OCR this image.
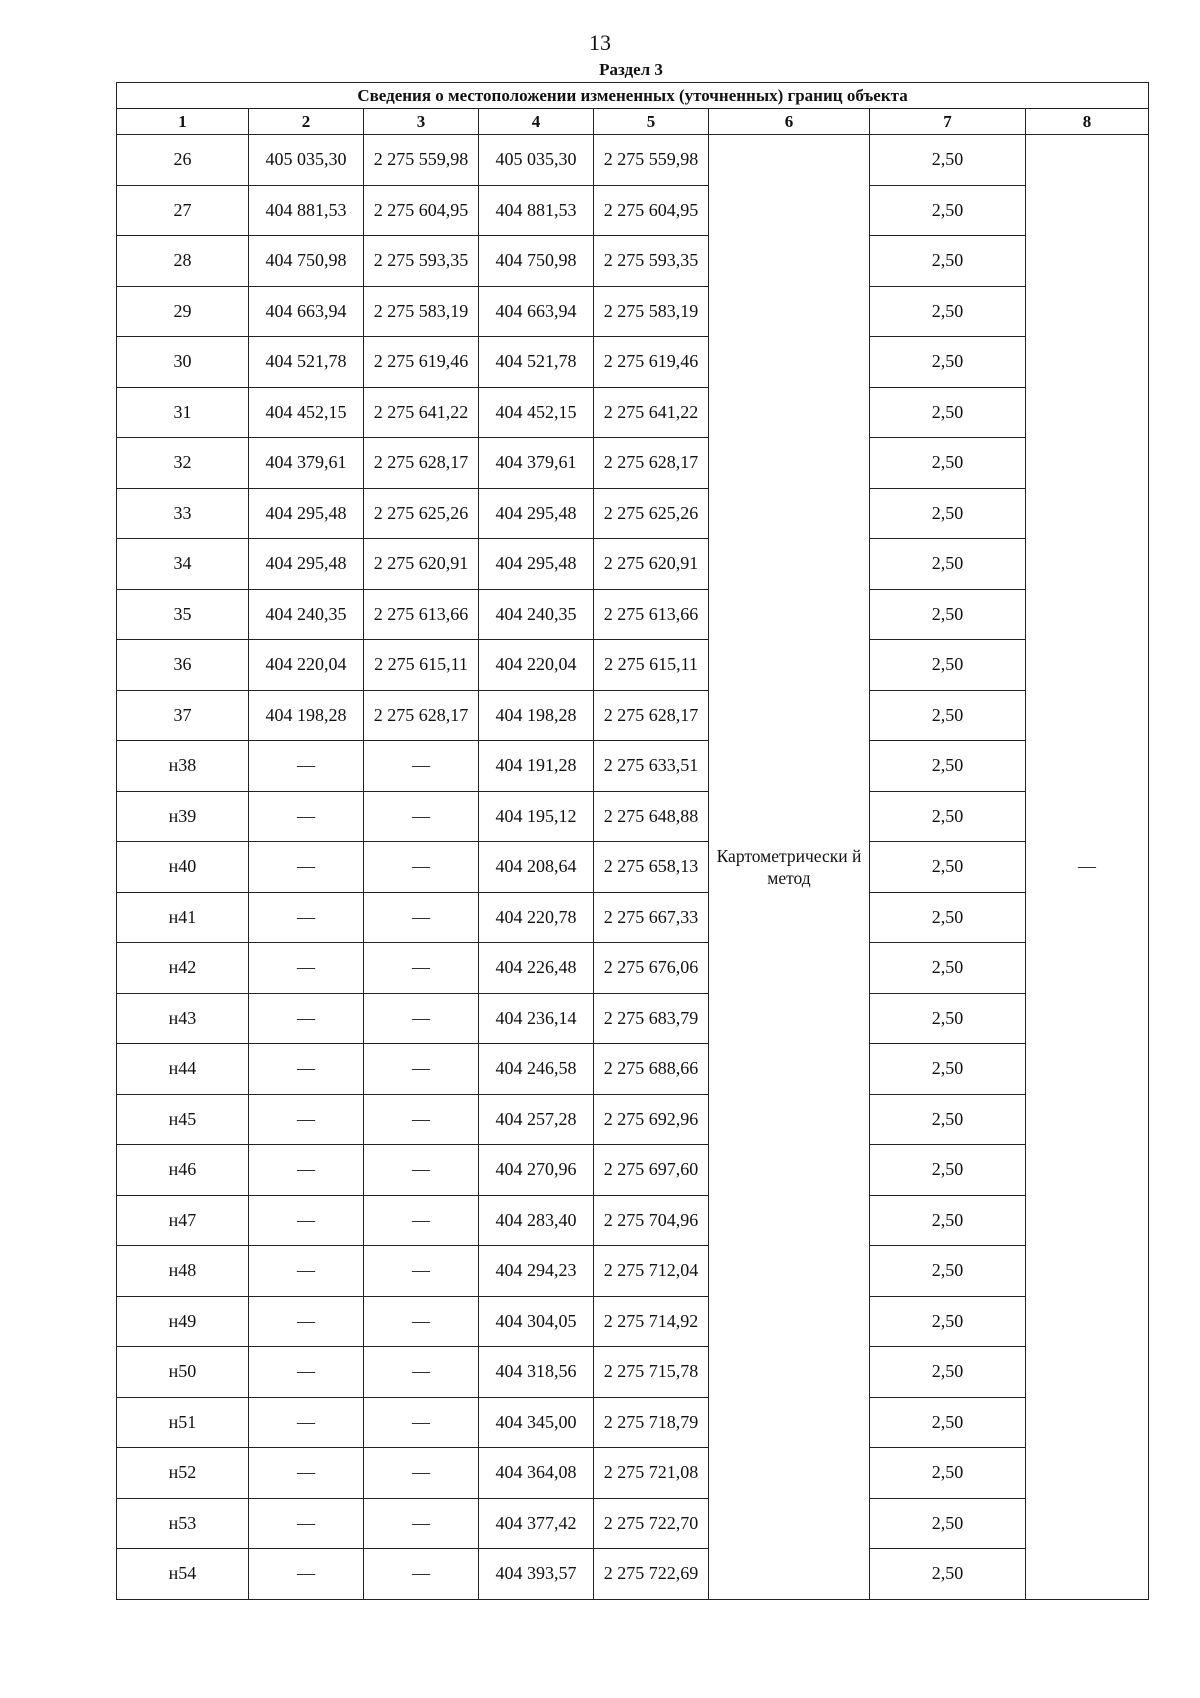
13
Раздел 3
Сведения о местоположении измененных (уточненных) границ объекта							
1	2	3	4	5	6	7	8
26	405 035,30	2 275 559,98	405 035,30	2 275 559,98	Картометрически й метод	2,50	—
27	404 881,53	2 275 604,95	404 881,53	2 275 604,95		2,50	
28	404 750,98	2 275 593,35	404 750,98	2 275 593,35		2,50	
29	404 663,94	2 275 583,19	404 663,94	2 275 583,19		2,50	
30	404 521,78	2 275 619,46	404 521,78	2 275 619,46		2,50	
31	404 452,15	2 275 641,22	404 452,15	2 275 641,22		2,50	
32	404 379,61	2 275 628,17	404 379,61	2 275 628,17		2,50	
33	404 295,48	2 275 625,26	404 295,48	2 275 625,26		2,50	
34	404 295,48	2 275 620,91	404 295,48	2 275 620,91		2,50	
35	404 240,35	2 275 613,66	404 240,35	2 275 613,66		2,50	
36	404 220,04	2 275 615,11	404 220,04	2 275 615,11		2,50	
37	404 198,28	2 275 628,17	404 198,28	2 275 628,17		2,50	
н38	—	—	404 191,28	2 275 633,51		2,50	
н39	—	—	404 195,12	2 275 648,88		2,50	
н40	—	—	404 208,64	2 275 658,13		2,50	
н41	—	—	404 220,78	2 275 667,33		2,50	
н42	—	—	404 226,48	2 275 676,06		2,50	
н43	—	—	404 236,14	2 275 683,79		2,50	
н44	—	—	404 246,58	2 275 688,66		2,50	
н45	—	—	404 257,28	2 275 692,96		2,50	
н46	—	—	404 270,96	2 275 697,60		2,50	
н47	—	—	404 283,40	2 275 704,96		2,50	
н48	—	—	404 294,23	2 275 712,04		2,50	
н49	—	—	404 304,05	2 275 714,92		2,50	
н50	—	—	404 318,56	2 275 715,78		2,50	
н51	—	—	404 345,00	2 275 718,79		2,50	
н52	—	—	404 364,08	2 275 721,08		2,50	
н53	—	—	404 377,42	2 275 722,70		2,50	
н54	—	—	404 393,57	2 275 722,69		2,50	
